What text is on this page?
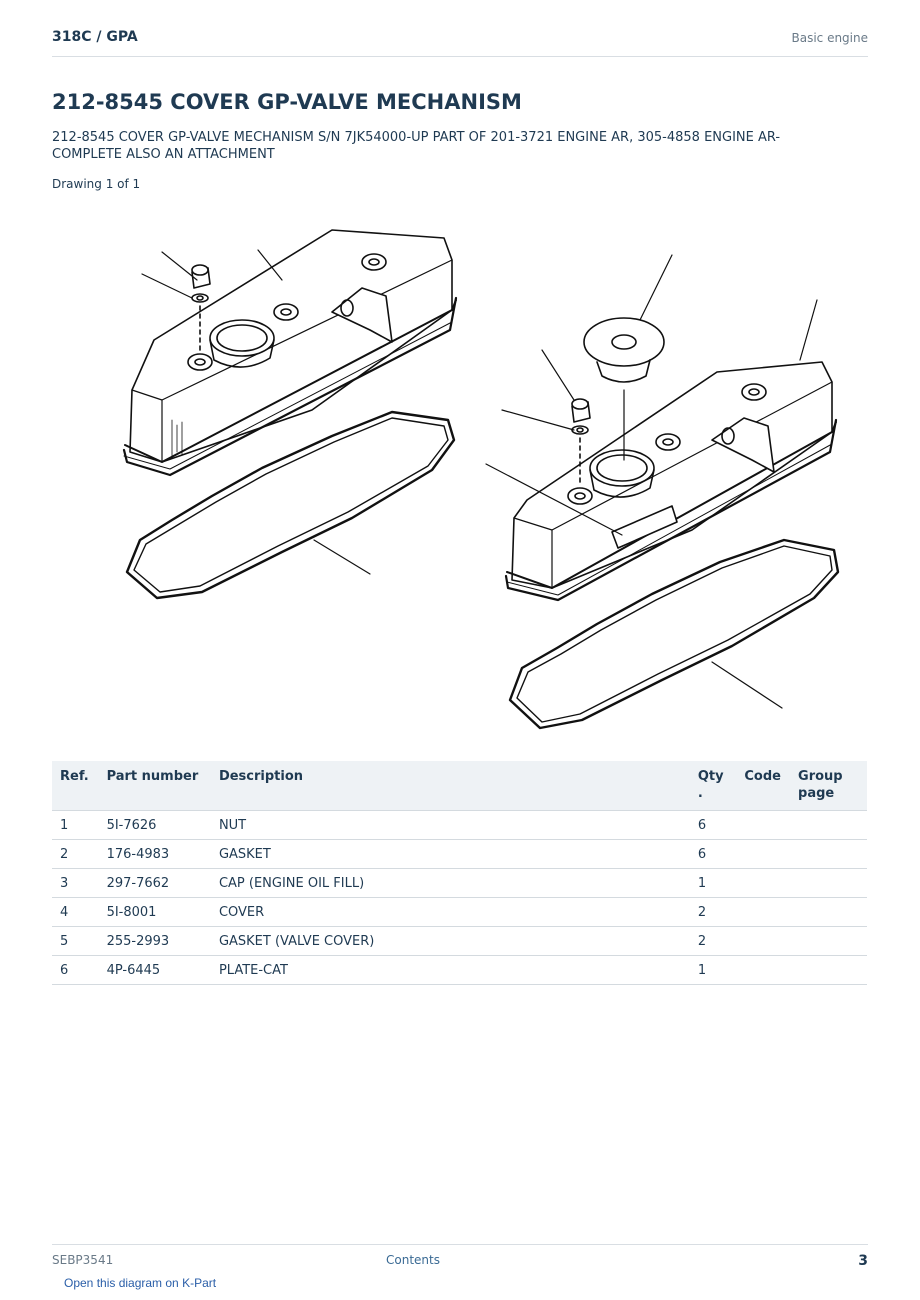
318C / GPA	Basic engine
212-8545 COVER GP-VALVE MECHANISM
212-8545 COVER GP-VALVE MECHANISM S/N 7JK54000-UP PART OF 201-3721 ENGINE AR, 305-4858 ENGINE AR-COMPLETE ALSO AN ATTACHMENT
Drawing 1 of 1
Ref.	Part number	Description	Qty .	Code	Group page
1	5I-7626	NUT	6		
2	176-4983	GASKET	6		
3	297-7662	CAP (ENGINE OIL FILL)	1		
4	5I-8001	COVER	2		
5	255-2993	GASKET (VALVE COVER)	2		
6	4P-6445	PLATE-CAT	1		
SEBP3541	Contents	3
Open this diagram on K-Part
